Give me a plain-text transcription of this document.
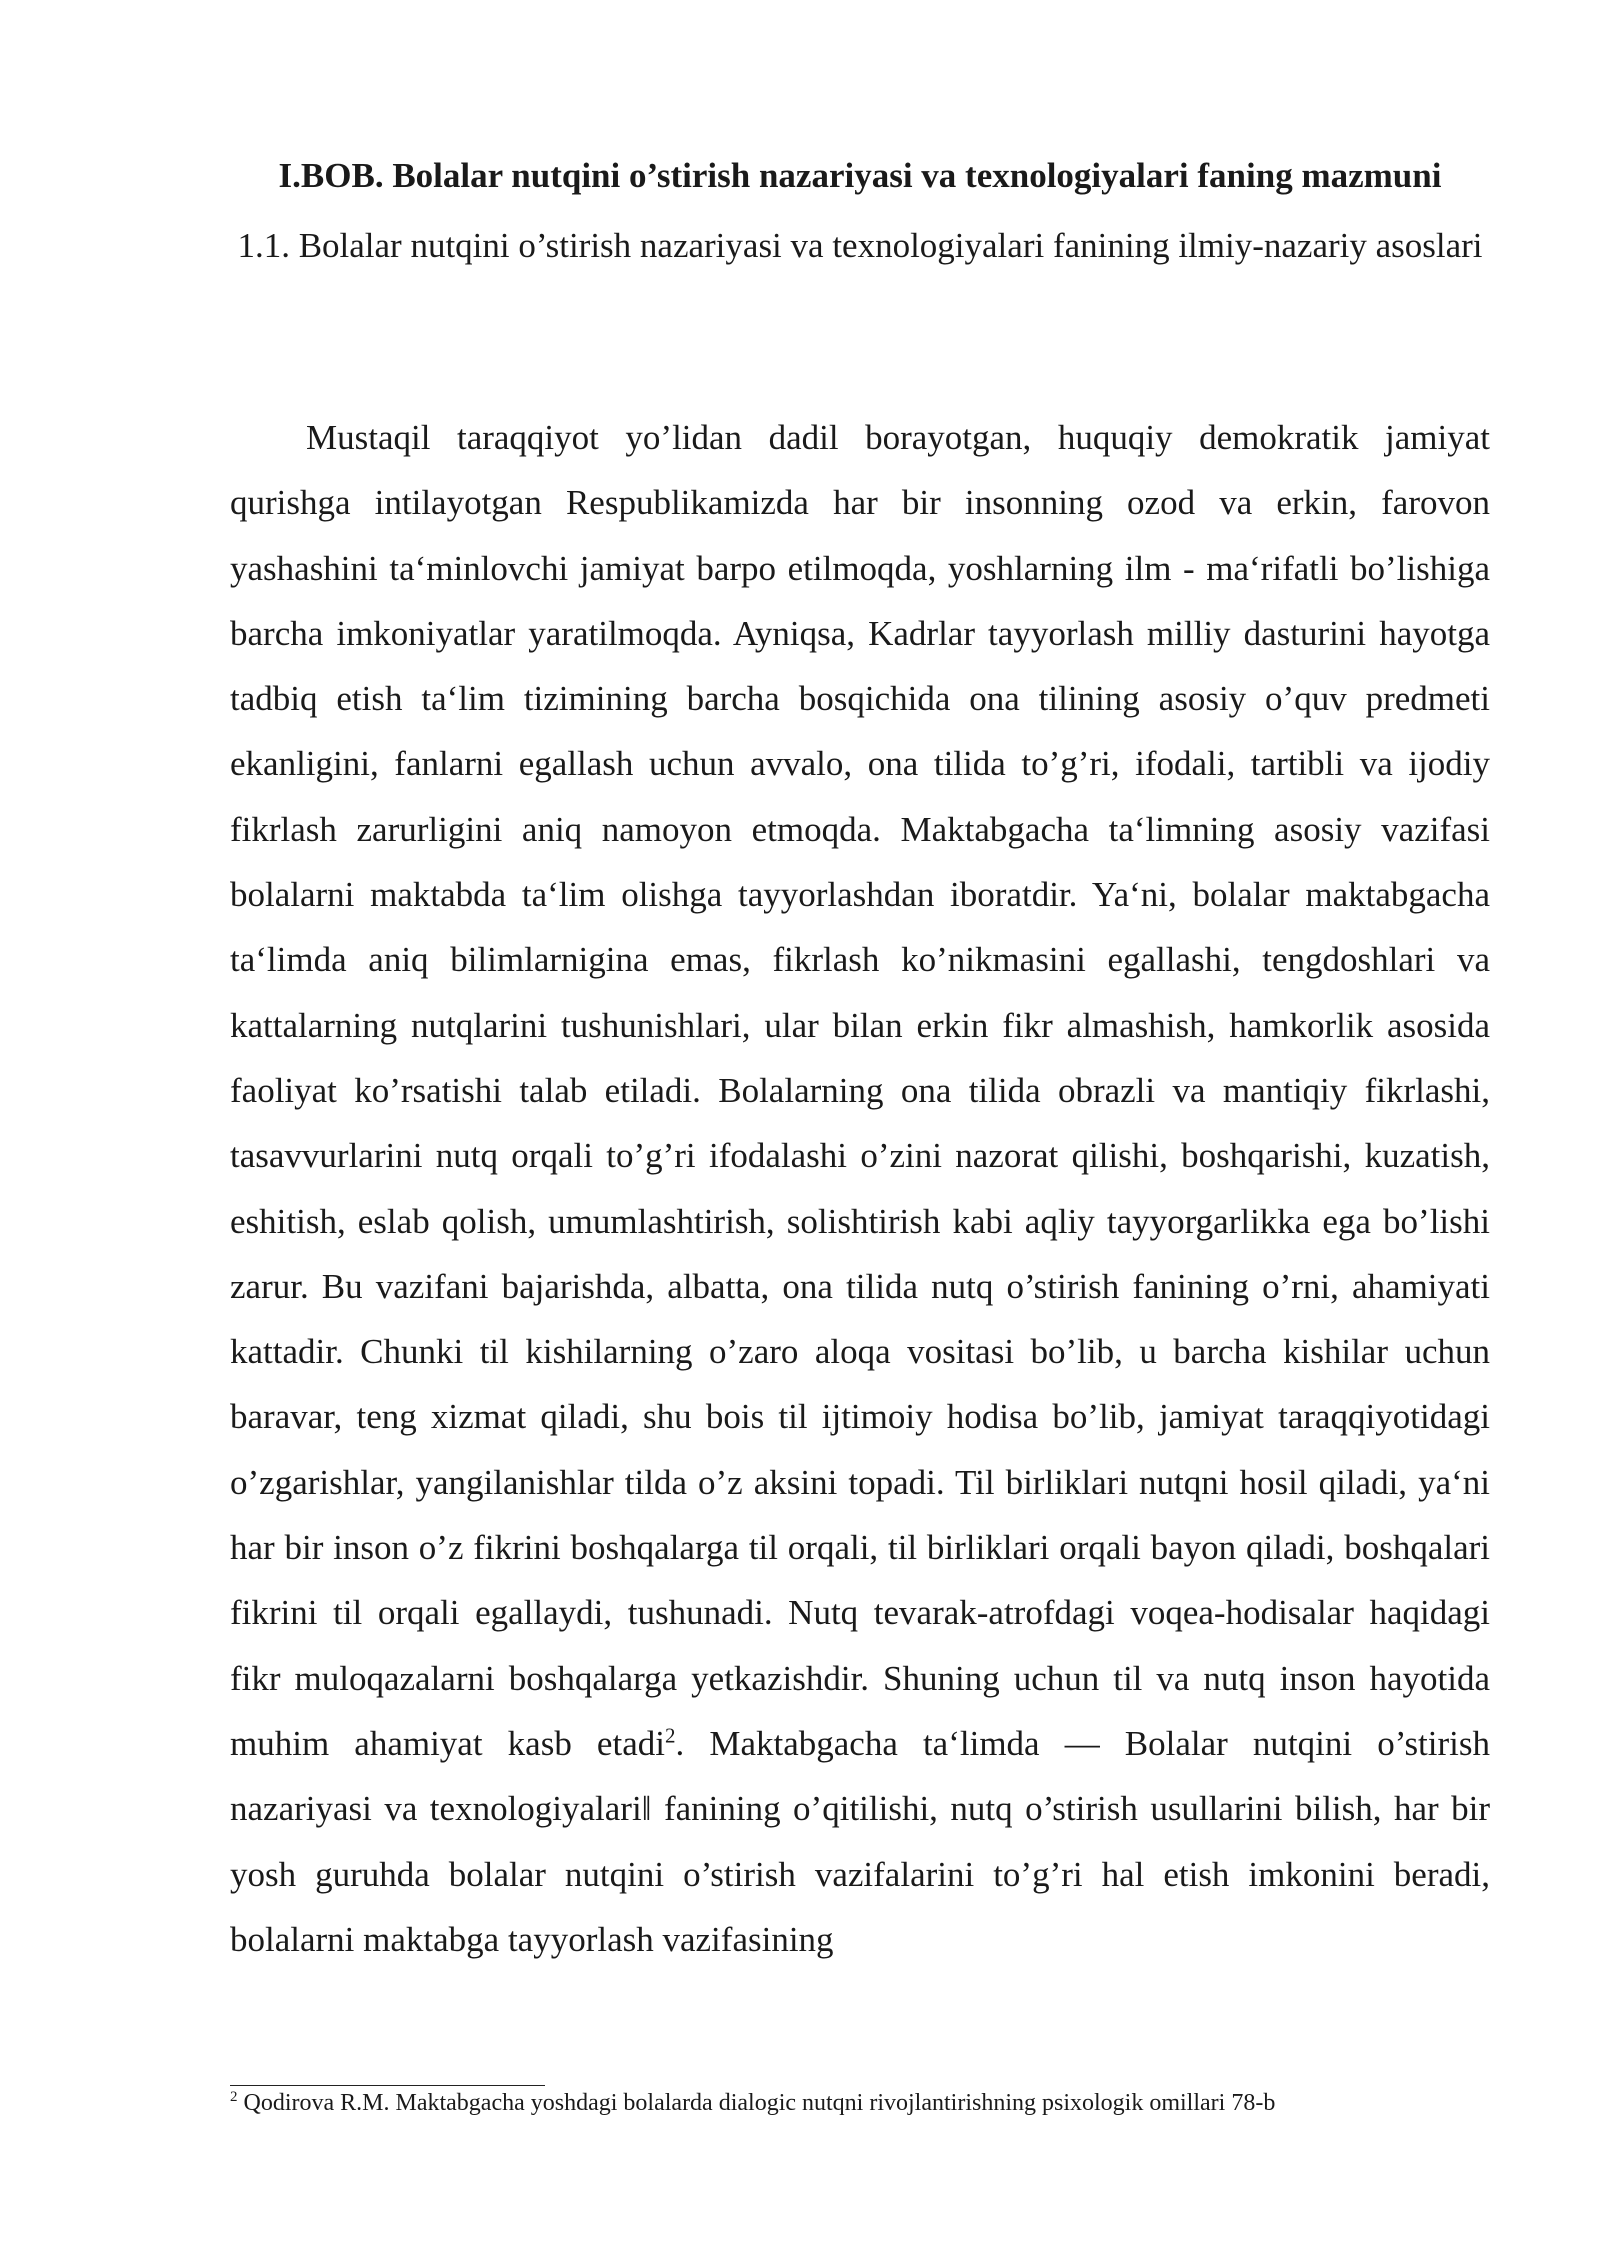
I.BOB. Bolalar nutqini o’stirish nazariyasi va texnologiyalari faning mazmuni
1.1. Bolalar nutqini o’stirish nazariyasi va texnologiyalari fanining ilmiy-nazariy asoslari

Mustaqil taraqqiyot yo’lidan dadil borayotgan, huquqiy demokratik jamiyat qurishga intilayotgan Respublikamizda har bir insonning ozod va erkin, farovon yashashini ta‘minlovchi jamiyat barpo etilmoqda, yoshlarning ilm - ma‘rifatli bo’lishiga barcha imkoniyatlar yaratilmoqda. Ayniqsa, Kadrlar tayyorlash milliy dasturini hayotga tadbiq etish ta‘lim tizimining barcha bosqichida ona tilining asosiy o’quv predmeti ekanligini, fanlarni egallash uchun avvalo, ona tilida to’g’ri, ifodali, tartibli va ijodiy fikrlash zarurligini aniq namoyon etmoqda. Maktabgacha ta‘limning asosiy vazifasi bolalarni maktabda ta‘lim olishga tayyorlashdan iboratdir. Ya‘ni, bolalar maktabgacha ta‘limda aniq bilimlarnigina emas, fikrlash ko’nikmasini egallashi, tengdoshlari va kattalarning nutqlarini tushunishlari, ular bilan erkin fikr almashish, hamkorlik asosida faoliyat ko’rsatishi talab etiladi. Bolalarning ona tilida obrazli va mantiqiy fikrlashi, tasavvurlarini nutq orqali to’g’ri ifodalashi o’zini nazorat qilishi, boshqarishi, kuzatish, eshitish, eslab qolish, umumlashtirish, solishtirish kabi aqliy tayyorgarlikka ega bo’lishi zarur. Bu vazifani bajarishda, albatta, ona tilida nutq o’stirish fanining o’rni, ahamiyati kattadir. Chunki til kishilarning o’zaro aloqa vositasi bo’lib, u barcha kishilar uchun baravar, teng xizmat qiladi, shu bois til ijtimoiy hodisa bo’lib, jamiyat taraqqiyotidagi o’zgarishlar, yangilanishlar tilda o’z aksini topadi. Til birliklari nutqni hosil qiladi, ya‘ni har bir inson o’z fikrini boshqalarga til orqali, til birliklari orqali bayon qiladi, boshqalari fikrini til orqali egallaydi, tushunadi. Nutq tevarak-atrofdagi voqea-hodisalar haqidagi fikr muloqazalarni boshqalarga yetkazishdir. Shuning uchun til va nutq inson hayotida muhim ahamiyat kasb etadi$^2$. Maktabgacha ta‘limda ― Bolalar nutqini o’stirish nazariyasi va texnologiyalari‖ fanining o’qitilishi, nutq o’stirish usullarini bilish, har bir yosh guruhda bolalar nutqini o’stirish vazifalarini to’g’ri hal etish imkonini beradi, bolalarni maktabga tayyorlash vazifasining

$^2$ Qodirova R.M. Maktabgacha yoshdagi bolalarda dialogic nutqni rivojlantirishning psixologik omillari 78-b
